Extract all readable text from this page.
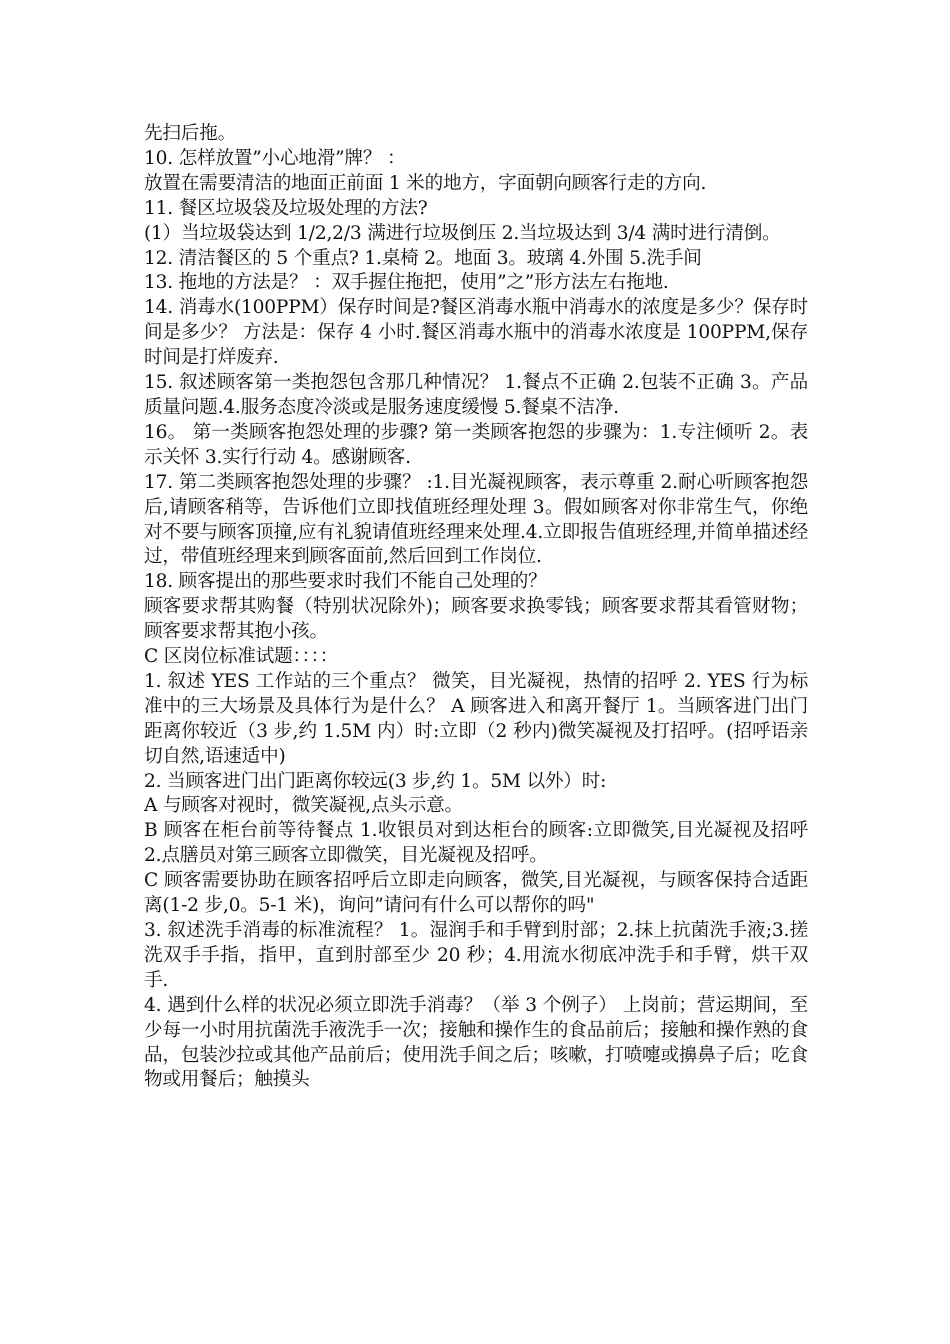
先扫后拖。

10. 怎样放置”小心地滑”牌？ ：

放置在需要清洁的地面正前面 1 米的地方，字面朝向顾客行走的方向.

11. 餐区垃圾袋及垃圾处理的方法?

(1）当垃圾袋达到 1/2,2/3 满进行垃圾倒压 2.当垃圾达到 3/4 满时进行清倒。

12. 清洁餐区的 5 个重点? 1.桌椅 2。地面 3。玻璃 4.外围 5.洗手间

13. 拖地的方法是？ ：双手握住拖把，使用”之”形方法左右拖地.

14. 消毒水(100PPM）保存时间是?餐区消毒水瓶中消毒水的浓度是多少？保存时间是多少？ 方法是：保存 4 小时.餐区消毒水瓶中的消毒水浓度是 100PPM,保存时间是打烊废弃.

15. 叙述顾客第一类抱怨包含那几种情况？ 1.餐点不正确 2.包装不正确 3。产品质量问题.4.服务态度冷淡或是服务速度缓慢 5.餐桌不洁净.

16。 第一类顾客抱怨处理的步骤? 第一类顾客抱怨的步骤为：1.专注倾听 2。表示关怀 3.实行行动 4。感谢顾客.

17. 第二类顾客抱怨处理的步骤？ :1.目光凝视顾客，表示尊重 2.耐心听顾客抱怨后,请顾客稍等，告诉他们立即找值班经理处理 3。假如顾客对你非常生气，你绝对不要与顾客顶撞,应有礼貌请值班经理来处理.4.立即报告值班经理,并简单描述经过，带值班经理来到顾客面前,然后回到工作岗位.

18. 顾客提出的那些要求时我们不能自己处理的？

顾客要求帮其购餐（特别状况除外)；顾客要求换零钱；顾客要求帮其看管财物；顾客要求帮其抱小孩。

C 区岗位标准试题：：：：

1. 叙述 YES 工作站的三个重点？ 微笑，目光凝视，热情的招呼 2. YES 行为标准中的三大场景及具体行为是什么？ A 顾客进入和离开餐厅 1。当顾客进门出门距离你较近（3 步,约 1.5M 内）时:立即（2 秒内)微笑凝视及打招呼。(招呼语亲切自然,语速适中)

2. 当顾客进门出门距离你较远(3 步,约 1。5M 以外）时:

A 与顾客对视时，微笑凝视,点头示意。

B 顾客在柜台前等待餐点 1.收银员对到达柜台的顾客:立即微笑,目光凝视及招呼 2.点膳员对第三顾客立即微笑，目光凝视及招呼。

C 顾客需要协助在顾客招呼后立即走向顾客，微笑,目光凝视，与顾客保持合适距离(1-2 步,0。5-1 米)，询问”请问有什么可以帮你的吗"

3. 叙述洗手消毒的标准流程？ 1。湿润手和手臂到肘部；2.抹上抗菌洗手液;3.搓洗双手手指，指甲，直到肘部至少 20 秒；4.用流水彻底冲洗手和手臂，烘干双手.

4. 遇到什么样的状况必须立即洗手消毒？（举 3 个例子） 上岗前；营运期间，至少每一小时用抗菌洗手液洗手一次；接触和操作生的食品前后；接触和操作熟的食品，包装沙拉或其他产品前后；使用洗手间之后；咳嗽，打喷嚏或擤鼻子后；吃食物或用餐后；触摸头
